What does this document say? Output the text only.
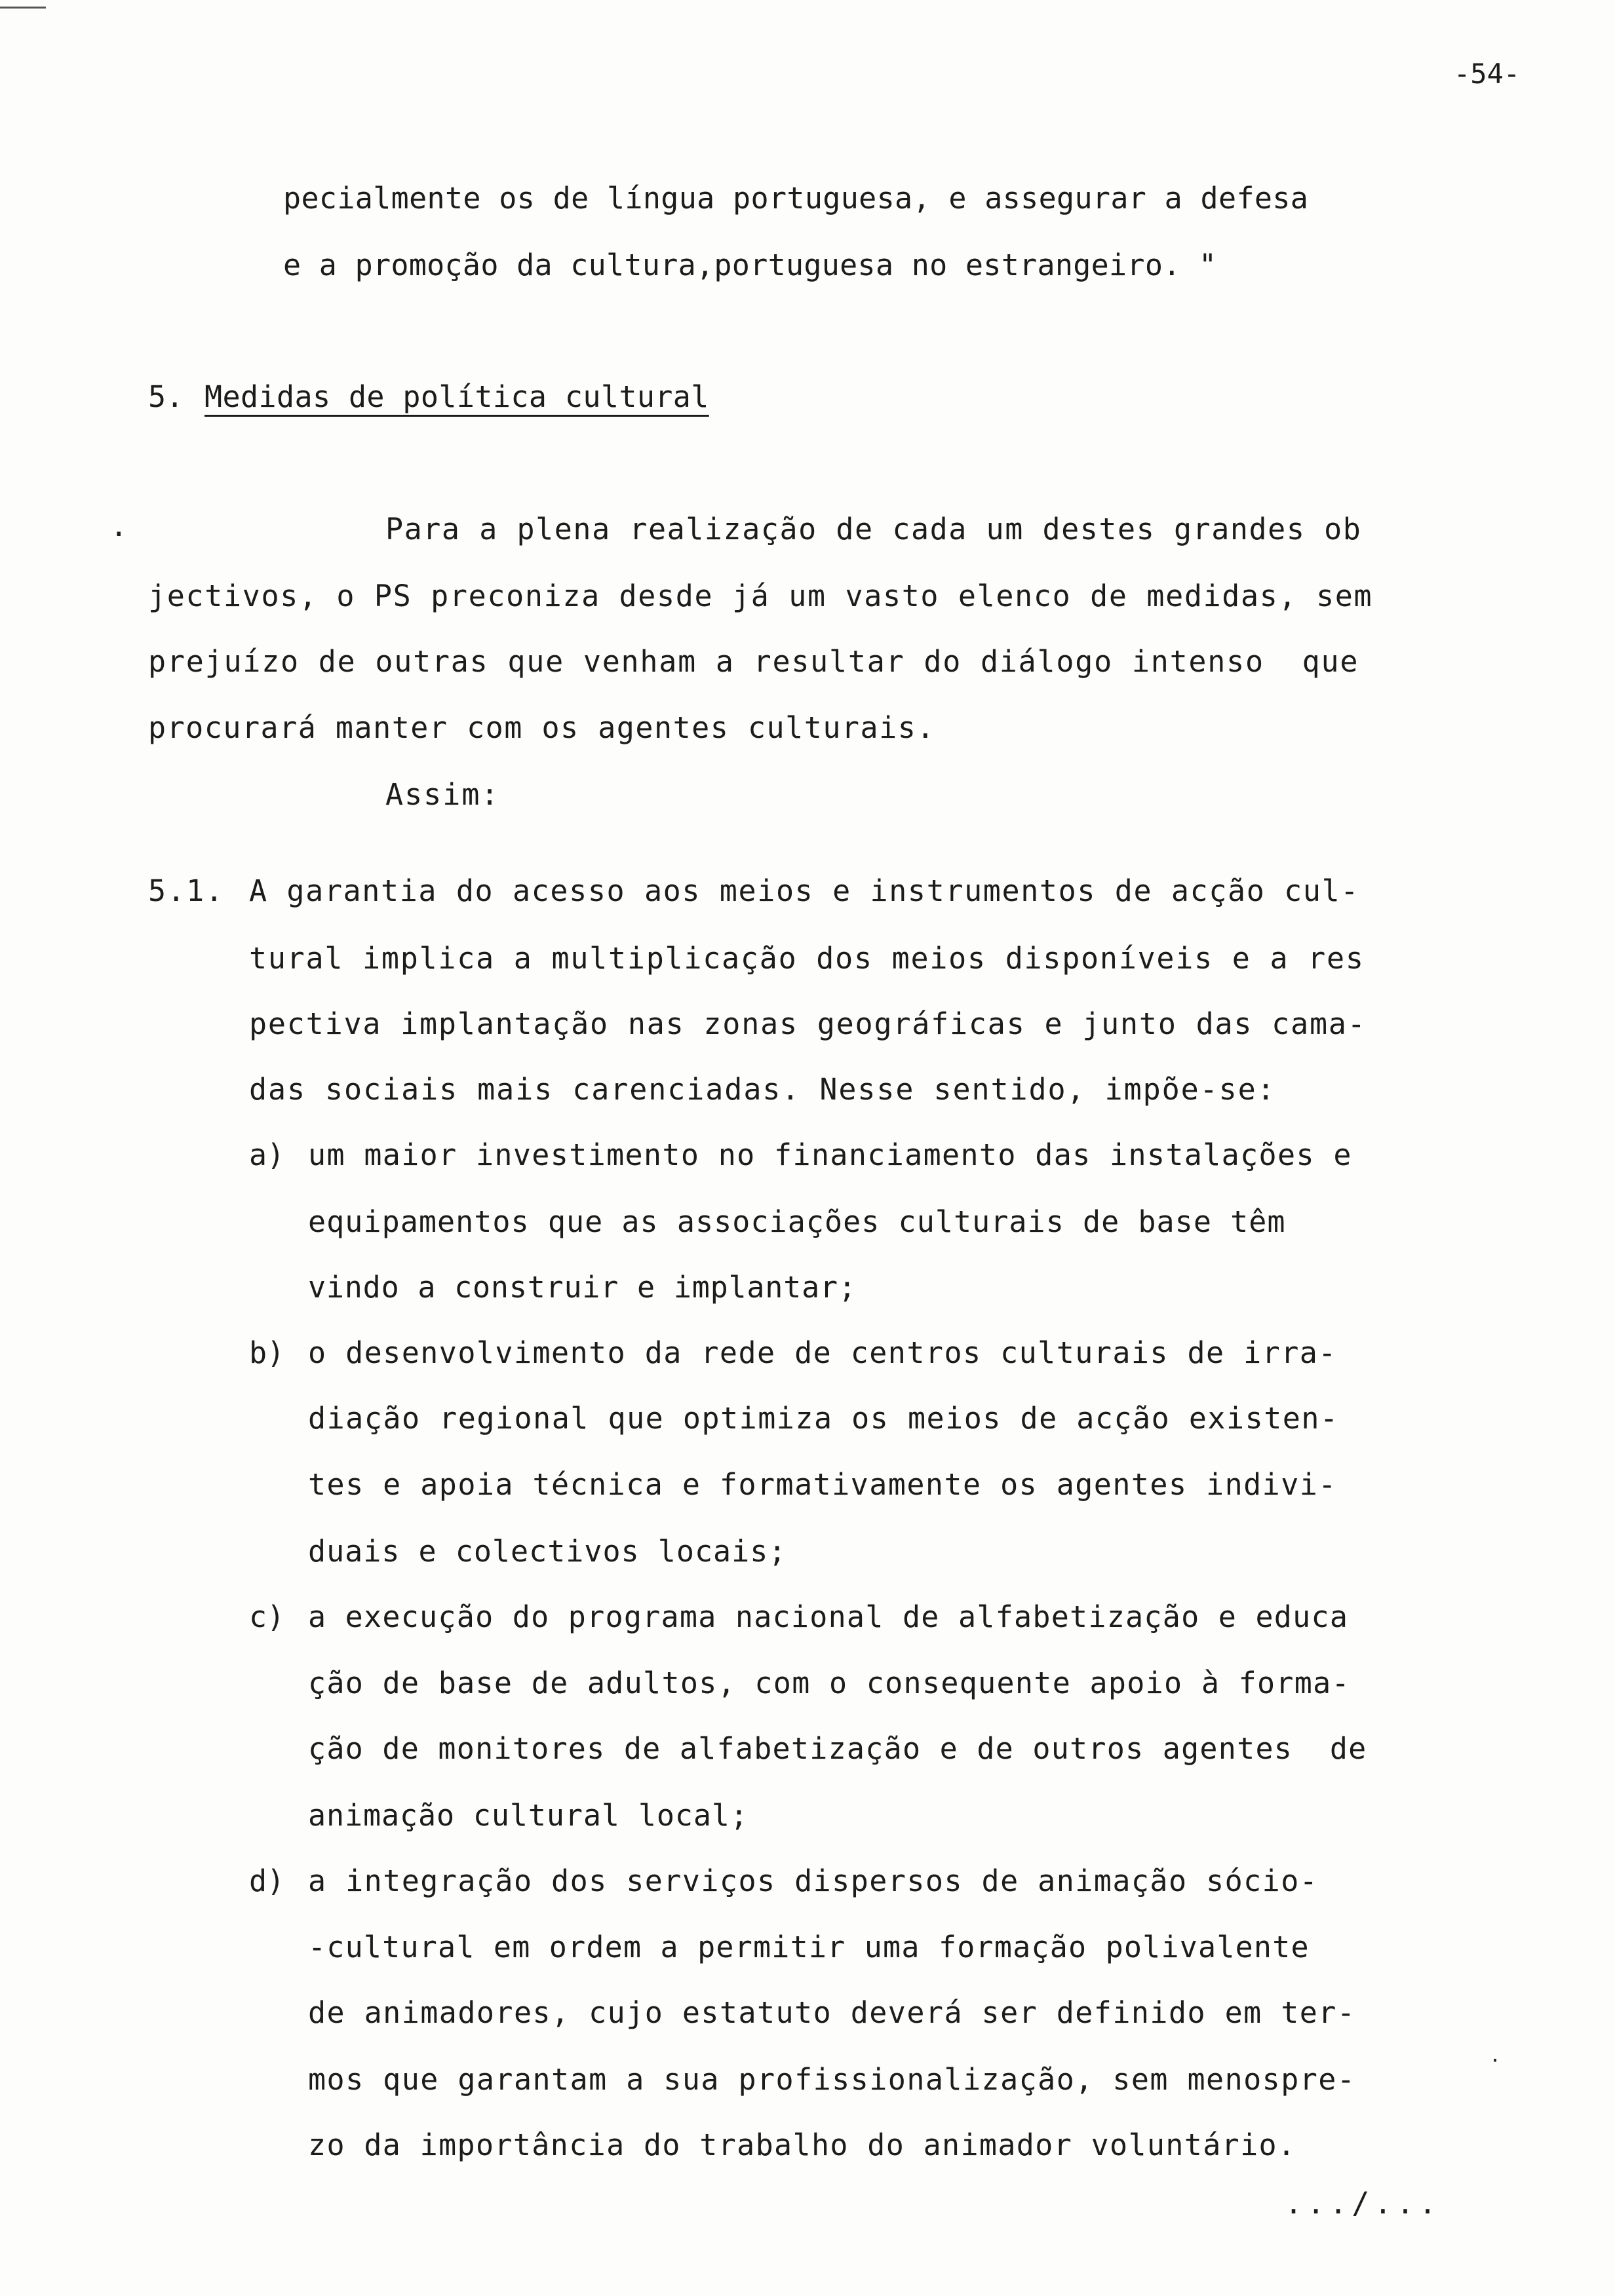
-54-
pecialmente os de língua portuguesa, e assegurar a defesa
e a promoção da cultura,portuguesa no estrangeiro. "
5. Medidas de política cultural
·	Para a plena realização de cada um destes grandes ob
jectivos, o PS preconiza desde já um vasto elenco de medidas, sem
prejuízo de outras que venham a resultar do diálogo intenso  que
procurará manter com os agentes culturais.
Assim:
5.1. A garantia do acesso aos meios e instrumentos de acção cul-
tural implica a multiplicação dos meios disponíveis e a res
pectiva implantação nas zonas geográficas e junto das cama-
das sociais mais carenciadas. Nesse sentido, impõe-se:
a) um maior investimento no financiamento das instalações e
equipamentos que as associações culturais de base têm
vindo a construir e implantar;
b) o desenvolvimento da rede de centros culturais de irra-
diação regional que optimiza os meios de acção existen-
tes e apoia técnica e formativamente os agentes indivi-
duais e colectivos locais;
c) a execução do programa nacional de alfabetização e educa
ção de base de adultos, com o consequente apoio à forma-
ção de monitores de alfabetização e de outros agentes  de
animação cultural local;
d) a integração dos serviços dispersos de animação sócio-
-cultural em ordem a permitir uma formação polivalente
de animadores, cujo estatuto deverá ser definido em ter-
mos que garantam a sua profissionalização, sem menospre-
zo da importância do trabalho do animador voluntário.
·
.../...
